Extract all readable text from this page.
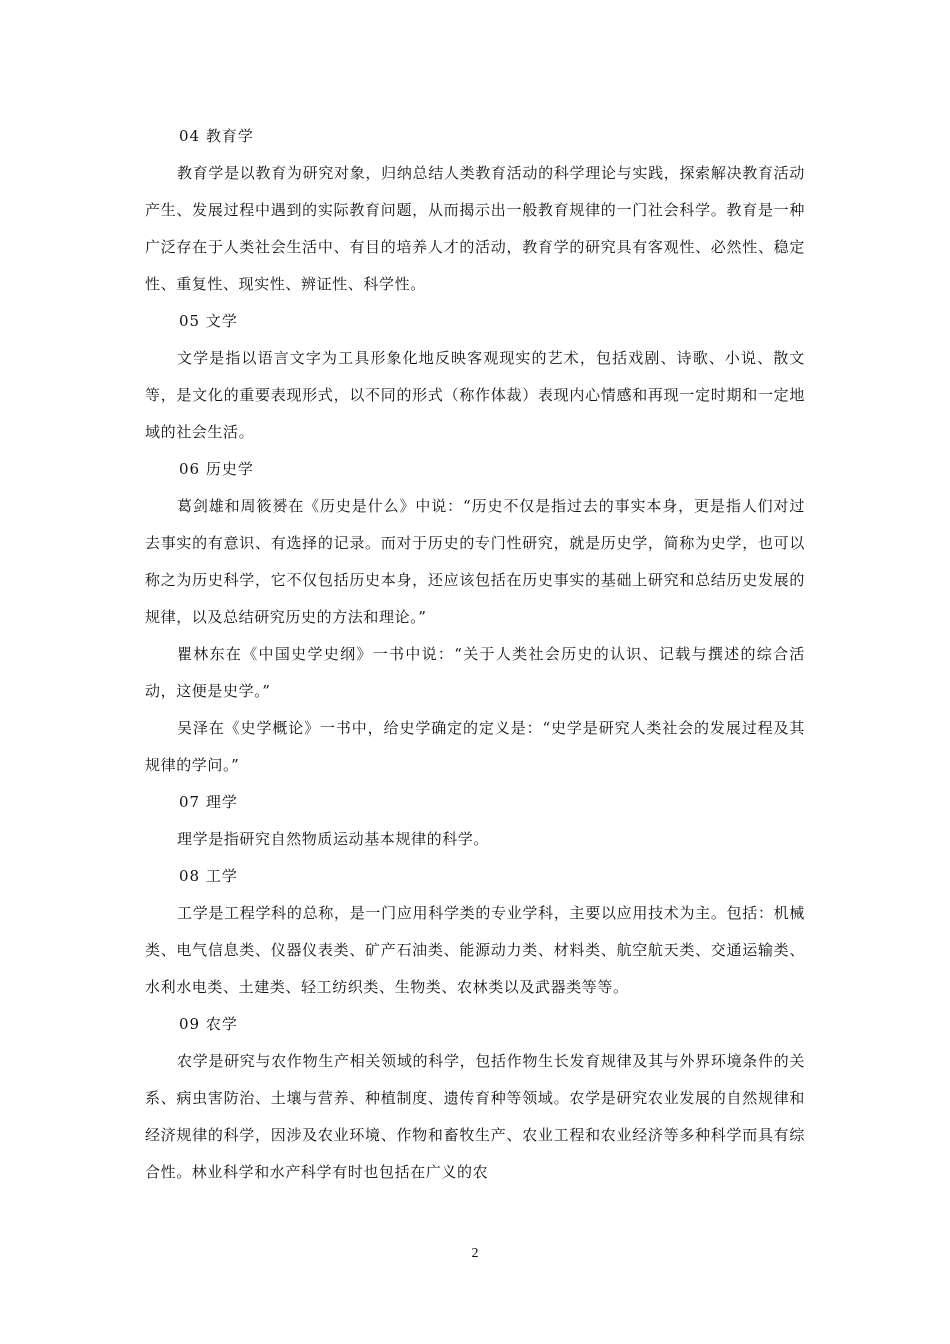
04 教育学

教育学是以教育为研究对象，归纳总结人类教育活动的科学理论与实践，探索解决教育活动产生、发展过程中遇到的实际教育问题，从而揭示出一般教育规律的一门社会科学。教育是一种广泛存在于人类社会生活中、有目的培养人才的活动，教育学的研究具有客观性、必然性、稳定性、重复性、现实性、辨证性、科学性。

05 文学

文学是指以语言文字为工具形象化地反映客观现实的艺术，包括戏剧、诗歌、小说、散文等，是文化的重要表现形式，以不同的形式（称作体裁）表现内心情感和再现一定时期和一定地域的社会生活。

06 历史学

葛剑雄和周筱赟在《历史是什么》中说：“历史不仅是指过去的事实本身，更是指人们对过去事实的有意识、有选择的记录。而对于历史的专门性研究，就是历史学，简称为史学，也可以称之为历史科学，它不仅包括历史本身，还应该包括在历史事实的基础上研究和总结历史发展的规律，以及总结研究历史的方法和理论。”

瞿林东在《中国史学史纲》一书中说：“关于人类社会历史的认识、记载与撰述的综合活动，这便是史学。”

吴泽在《史学概论》一书中，给史学确定的定义是：“史学是研究人类社会的发展过程及其规律的学问。”

07 理学

理学是指研究自然物质运动基本规律的科学。

08 工学

工学是工程学科的总称，是一门应用科学类的专业学科，主要以应用技术为主。包括：机械类、电气信息类、仪器仪表类、矿产石油类、能源动力类、材料类、航空航天类、交通运输类、水利水电类、土建类、轻工纺织类、生物类、农林类以及武器类等等。

09 农学

农学是研究与农作物生产相关领域的科学，包括作物生长发育规律及其与外界环境条件的关系、病虫害防治、土壤与营养、种植制度、遗传育种等领域。农学是研究农业发展的自然规律和经济规律的科学，因涉及农业环境、作物和畜牧生产、农业工程和农业经济等多种科学而具有综合性。林业科学和水产科学有时也包括在广义的农

2
